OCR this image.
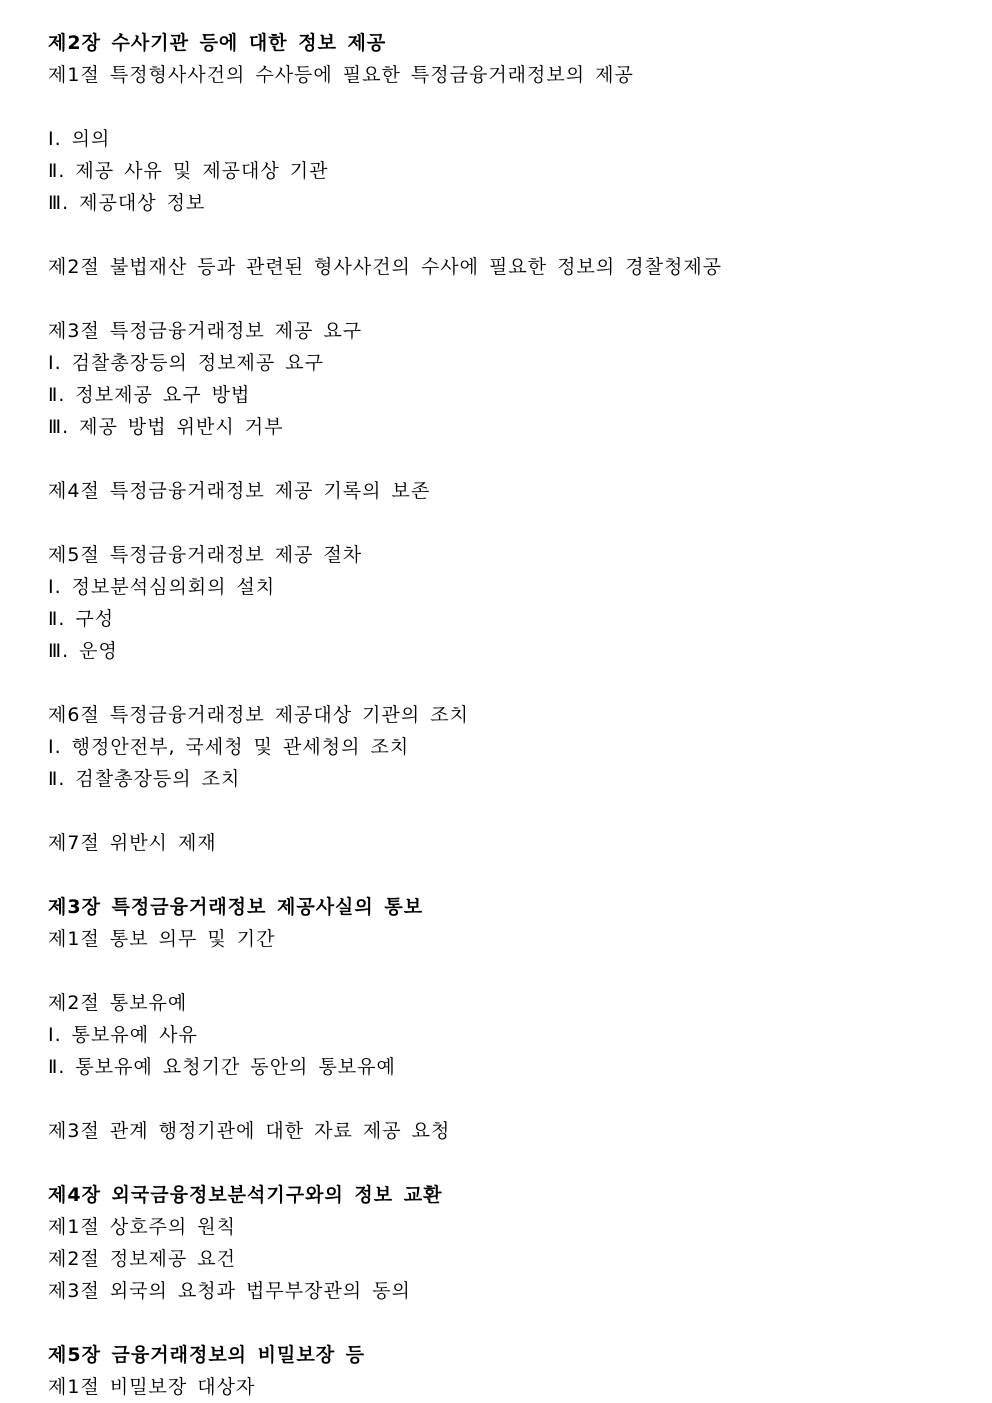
제2장 수사기관 등에 대한 정보 제공
제1절 특정형사사건의 수사등에 필요한 특정금융거래정보의 제공
Ⅰ. 의의
Ⅱ. 제공 사유 및 제공대상 기관
Ⅲ. 제공대상 정보
제2절 불법재산 등과 관련된 형사사건의 수사에 필요한 정보의 경찰청제공
제3절 특정금융거래정보 제공 요구
Ⅰ. 검찰총장등의 정보제공 요구
Ⅱ. 정보제공 요구 방법
Ⅲ. 제공 방법 위반시 거부
제4절 특정금융거래정보 제공 기록의 보존
제5절 특정금융거래정보 제공 절차
Ⅰ. 정보분석심의회의 설치
Ⅱ. 구성
Ⅲ. 운영
제6절 특정금융거래정보 제공대상 기관의 조치
Ⅰ. 행정안전부, 국세청 및 관세청의 조치
Ⅱ. 검찰총장등의 조치
제7절 위반시 제재
제3장 특정금융거래정보 제공사실의 통보
제1절 통보 의무 및 기간
제2절 통보유예
Ⅰ. 통보유예 사유
Ⅱ. 통보유예 요청기간 동안의 통보유예
제3절 관계 행정기관에 대한 자료 제공 요청
제4장 외국금융정보분석기구와의 정보 교환
제1절 상호주의 원칙
제2절 정보제공 요건
제3절 외국의 요청과 법무부장관의 동의
제5장 금융거래정보의 비밀보장 등
제1절 비밀보장 대상자
